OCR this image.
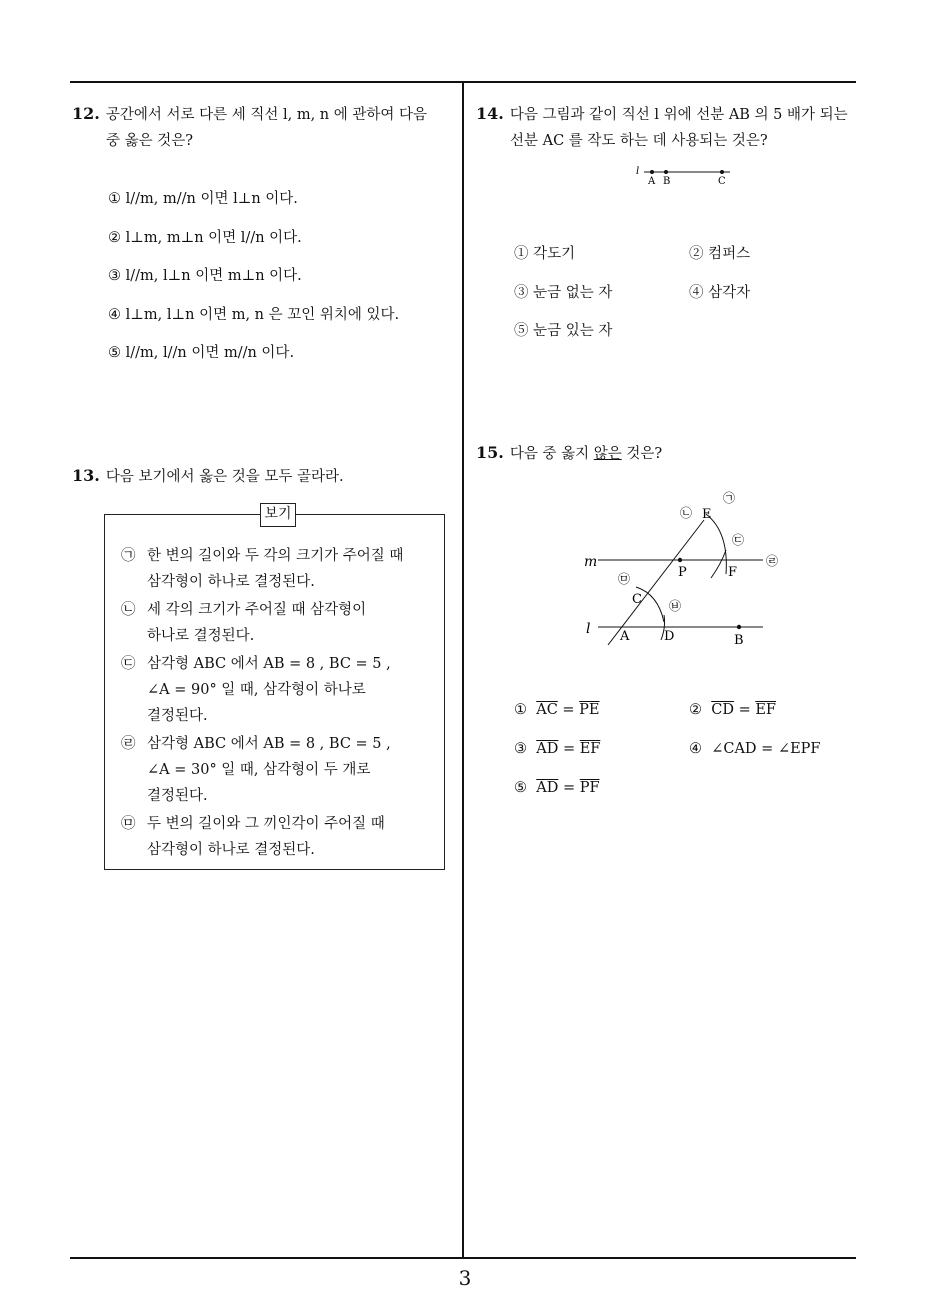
12. 공간에서 서로 다른 세 직선 l, m, n 에 관하여 다음
중 옳은 것은?
① l//m, m//n 이면 l⊥n 이다.
② l⊥m, m⊥n 이면 l//n 이다.
③ l//m, l⊥n 이면 m⊥n 이다.
④ l⊥m, l⊥n 이면 m, n 은 꼬인 위치에 있다.
⑤ l//m, l//n 이면 m//n 이다.
13. 다음 보기에서 옳은 것을 모두 골라라.
보기
㉠ 한 변의 길이와 두 각의 크기가 주어질 때
삼각형이 하나로 결정된다.
㉡ 세 각의 크기가 주어질 때 삼각형이
하나로 결정된다.
㉢ 삼각형 ABC 에서 AB = 8 , BC = 5 ,
∠A = 90° 일 때, 삼각형이 하나로
결정된다.
㉣ 삼각형 ABC 에서 AB = 8 , BC = 5 ,
∠A = 30° 일 때, 삼각형이 두 개로
결정된다.
㉤ 두 변의 길이와 그 끼인각이 주어질 때
삼각형이 하나로 결정된다.
14. 다음 그림과 같이 직선 l 위에 선분 AB 의 5 배가 되는
선분 AC 를 작도 하는 데 사용되는 것은?
l
A B	C
① 각도기	② 컴퍼스
③ 눈금 없는 자	④ 삼각자
⑤ 눈금 있는 자
15. 다음 중 옳지 않은 것은?
m
l A	D	B
C
P
E
F
㉠
㉡
㉢
㉣
㉤
㉥
① $\overline{AC} = \overline{PE}$	② $\overline{CD} = \overline{EF}$
③ $\overline{AD} = \overline{EF}$	④ ∠CAD = ∠EPF
⑤ $\overline{AD} = \overline{PF}$
3
